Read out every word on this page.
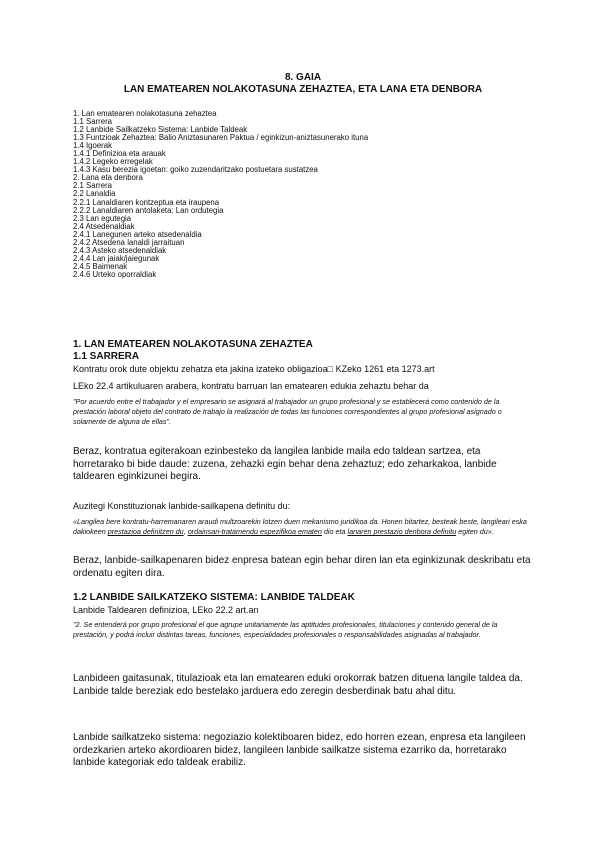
8. GAIA
LAN EMATEAREN NOLAKOTASUNA ZEHAZTEA, ETA LANA ETA DENBORA
1. Lan ematearen nolakotasuna zehaztea
1.1 Sarrera
1.2 Lanbide Sailkatzeko Sistema: Lanbide Taldeak
1.3 Funtzioak Zehaztea: Balio Aniztasunaren Paktua / eginkizun-aniztasunerako ituna
1.4 Igoerak
1.4.1 Definizioa eta arauak
1.4.2 Legeko erregelak
1.4.3 Kasu berezia igoetan: goiko zuzendaritzako postuetara sustatzea
2. Lana eta denbora
2.1 Sarrera
2.2 Lanaldia
2.2.1 Lanaldiaren kontzeptua eta iraupena
2.2.2 Lanaldiaren antolaketa: Lan ordutegia
2.3 Lan egutegia
2.4 Atsedenaldiak
2.4.1 Lanegunen arteko atsedenaldia
2.4.2 Atsedena lanaldi jarraituan
2.4.3 Asteko atsedenaldiak
2.4.4 Lan jaiak/jaiegunak
2.4.5 Baimenak
2.4.6 Urteko oporraldiak
1. LAN EMATEAREN NOLAKOTASUNA ZEHAZTEA
1.1 SARRERA
Kontratu orok dute objektu zehatza eta jakina izateko obligazioa□ KZeko 1261 eta 1273.art
LEko 22.4 artikuluaren arabera, kontratu barruan lan ematearen edukia zehaztu behar da
"Por acuerdo entre el trabajador y el empresario se asignará al trabajador un grupo profesional y se establecerá como contenido de la prestación laboral objeto del contrato de trabajo la realización de todas las funciones correspondientes al grupo profesional asignado o solamente de alguna de ellas".
Beraz, kontratua egiterakoan ezinbesteko da langilea lanbide maila edo taldean sartzea, eta horretarako bi bide daude: zuzena, zehazki egin behar dena zehaztuz; edo zeharkakoa, lanbide taldearen eginkizunei begira.
Auzitegi Konstituzionak lanbide-sailkapena definitu du:
«Langilea bere kontratu-harremanaren araudi multzoarekin lotzen duen mekanismo juridikoa da. Honen bitartez, besteak beste, langileari eska dakiokeen prestazioa definitzen du, ordainsari-tratamendu espezifikoa ematen dio eta lanaren prestazio denbora definitu egiten du».
Beraz, lanbide-sailkapenaren bidez enpresa batean egin behar diren lan eta eginkizunak deskribatu eta ordenatu egiten dira.
1.2 LANBIDE SAILKATZEKO SISTEMA: LANBIDE TALDEAK
Lanbide Taldearen definizioa, LEko 22.2 art.an
"2. Se entenderá por grupo profesional el que agrupe unitariamente las aptitudes profesionales, titulaciones y contenido general de la prestación, y podrá incluir distintas tareas, funciones, especialidades profesionales o responsabilidades asignadas al trabajador.
Lanbideen gaitasunak, titulazioak eta lan ematearen eduki orokorrak batzen dituena langile taldea da. Lanbide talde bereziak edo bestelako jarduera edo zeregin desberdinak batu ahal ditu.
Lanbide sailkatzeko sistema: negoziazio kolektiboaren bidez, edo horren ezean, enpresa eta langileen ordezkarien arteko akordioaren bidez, langileen lanbide sailkatze sistema ezarriko da, horretarako lanbide kategoriak edo taldeak erabiliz.
